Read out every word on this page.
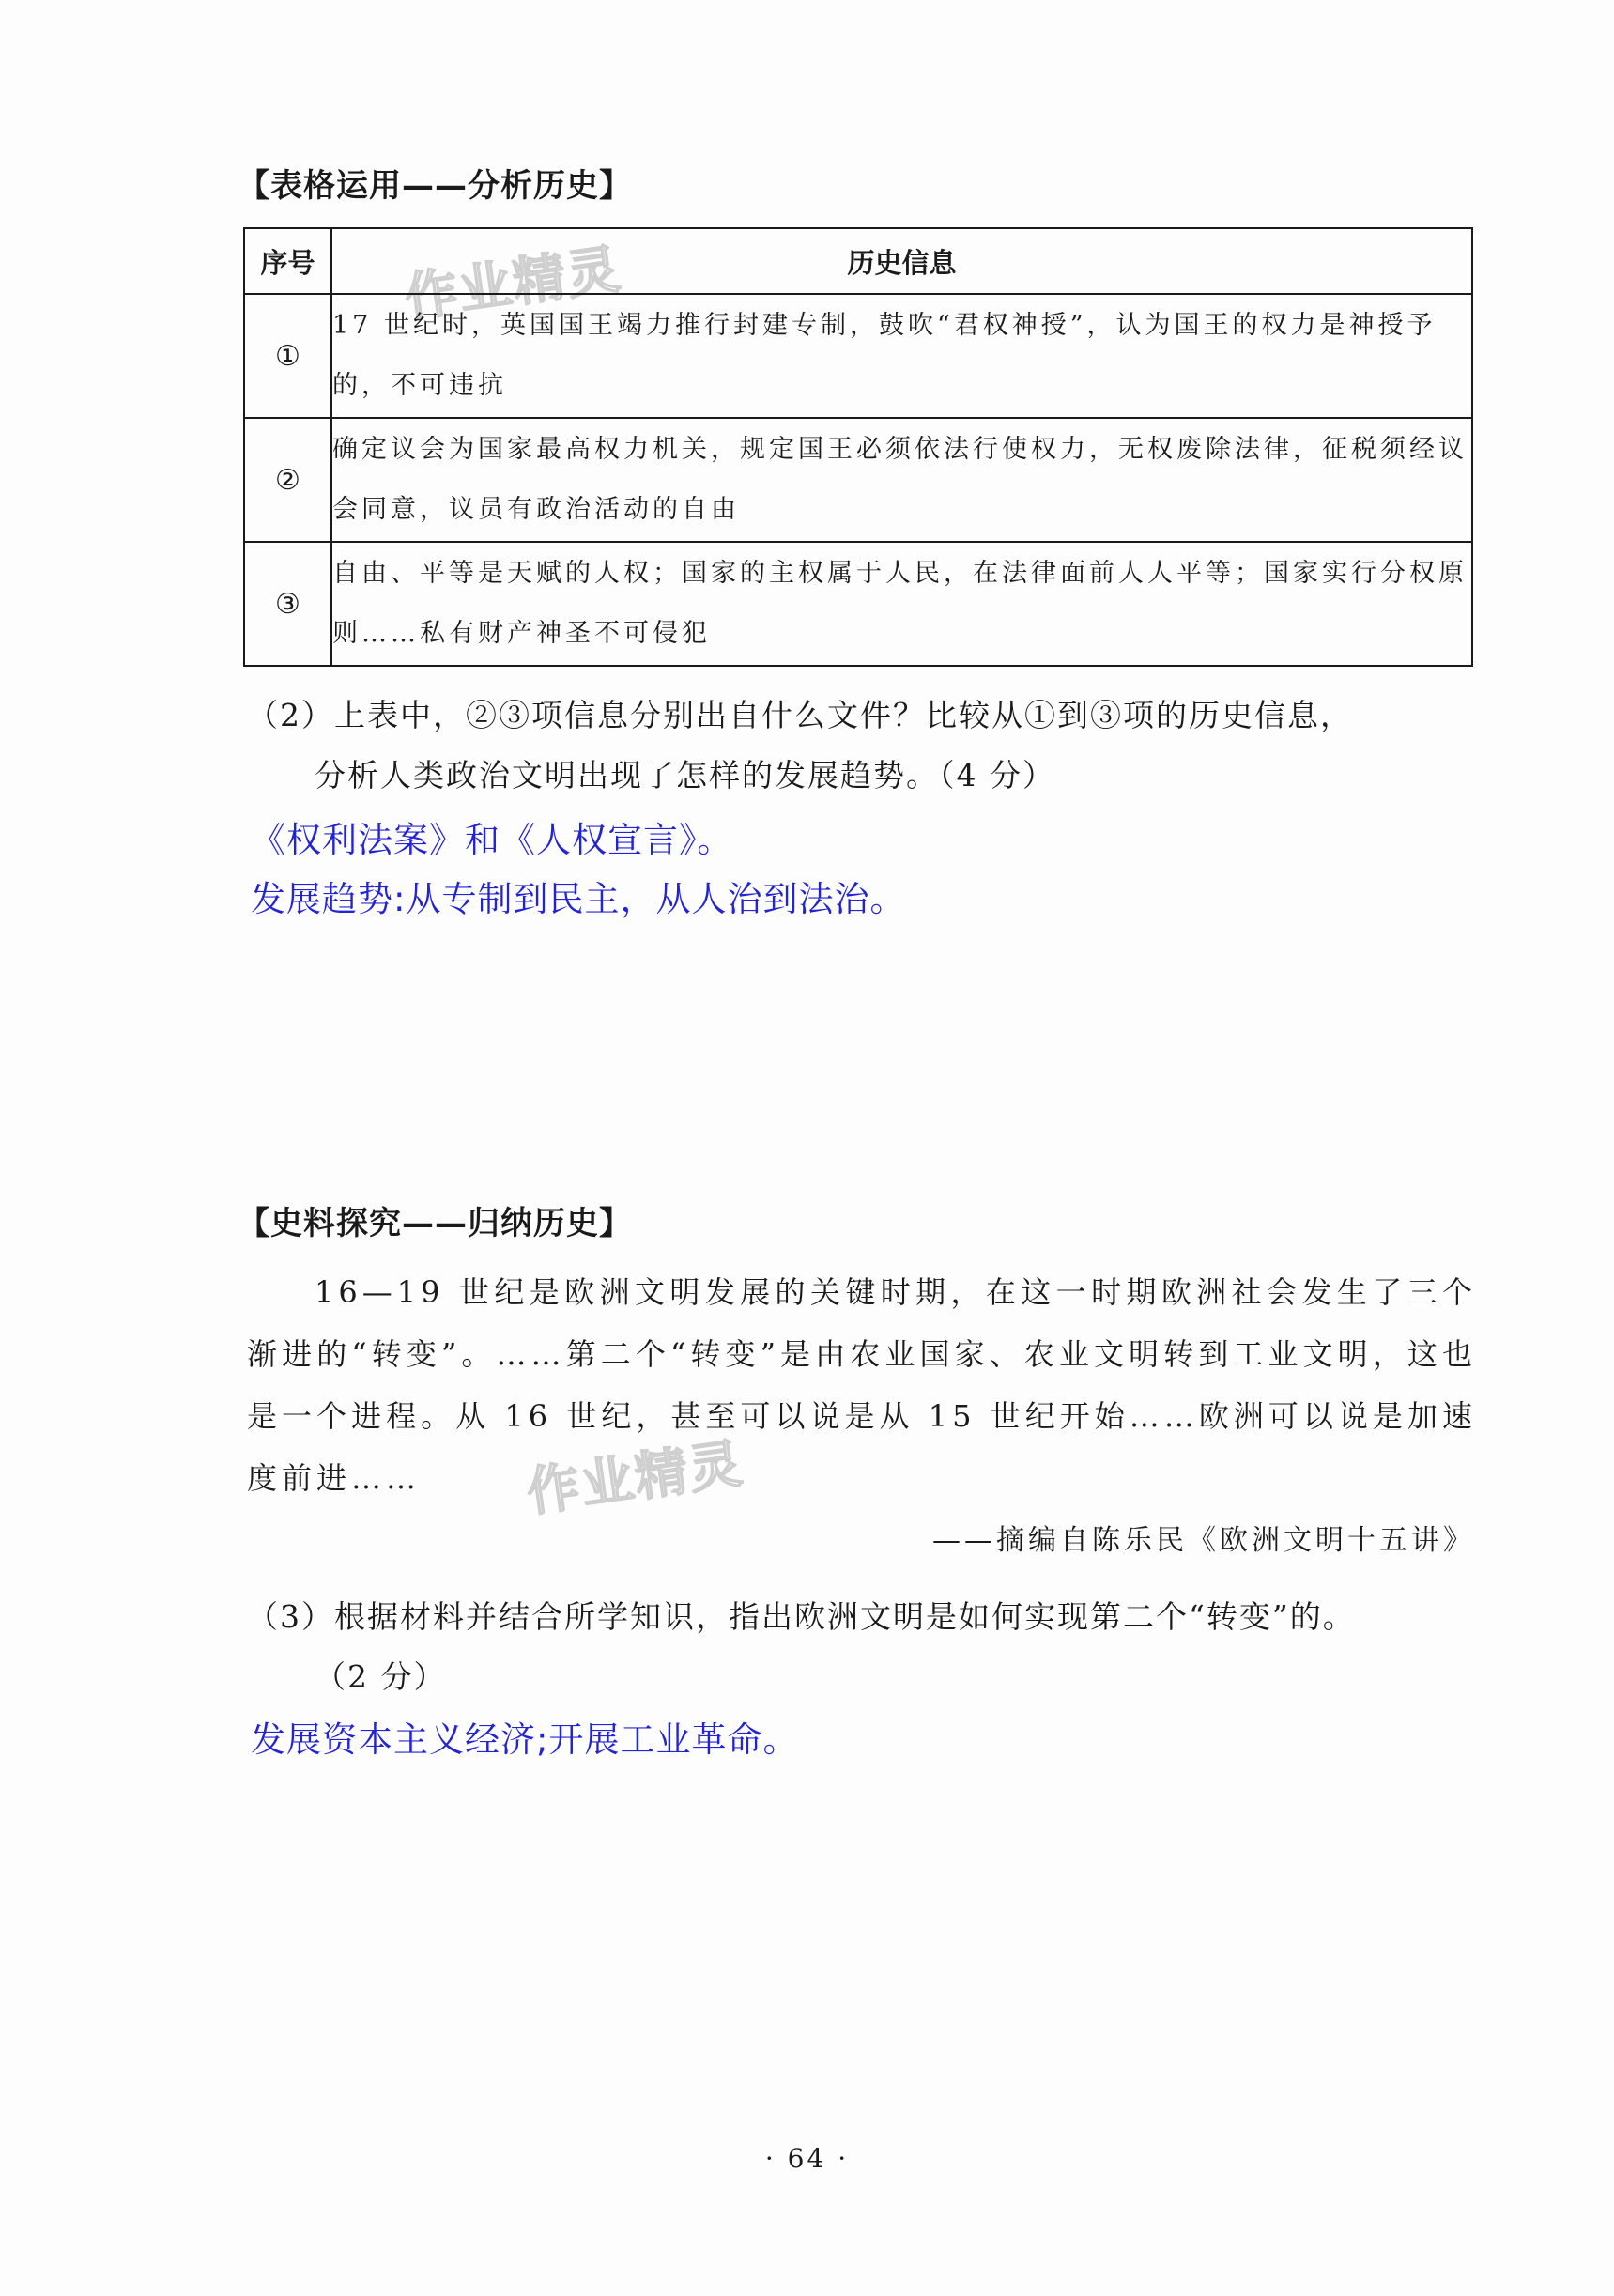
作业精灵
作业精灵
【表格运用——分析历史】
序号	历史信息
①	17 世纪时，英国国王竭力推行封建专制，鼓吹“君权神授”，认为国王的权力是神授予的，不可违抗
②	确定议会为国家最高权力机关，规定国王必须依法行使权力，无权废除法律，征税须经议会同意，议员有政治活动的自由
③	自由、平等是天赋的人权；国家的主权属于人民，在法律面前人人平等；国家实行分权原则……私有财产神圣不可侵犯
（2）上表中，②③项信息分别出自什么文件？比较从①到③项的历史信息，
分析人类政治文明出现了怎样的发展趋势。（4 分）
《权利法案》和《人权宣言》。
发展趋势:从专制到民主，从人治到法治。
【史料探究——归纳历史】
16—19 世纪是欧洲文明发展的关键时期，在这一时期欧洲社会发生了三个渐进的“转变”。……第二个“转变”是由农业国家、农业文明转到工业文明，这也是一个进程。从 16 世纪，甚至可以说是从 15 世纪开始……欧洲可以说是加速度前进……
——摘编自陈乐民《欧洲文明十五讲》
（3）根据材料并结合所学知识，指出欧洲文明是如何实现第二个“转变”的。
（2 分）
发展资本主义经济;开展工业革命。
· 64 ·
